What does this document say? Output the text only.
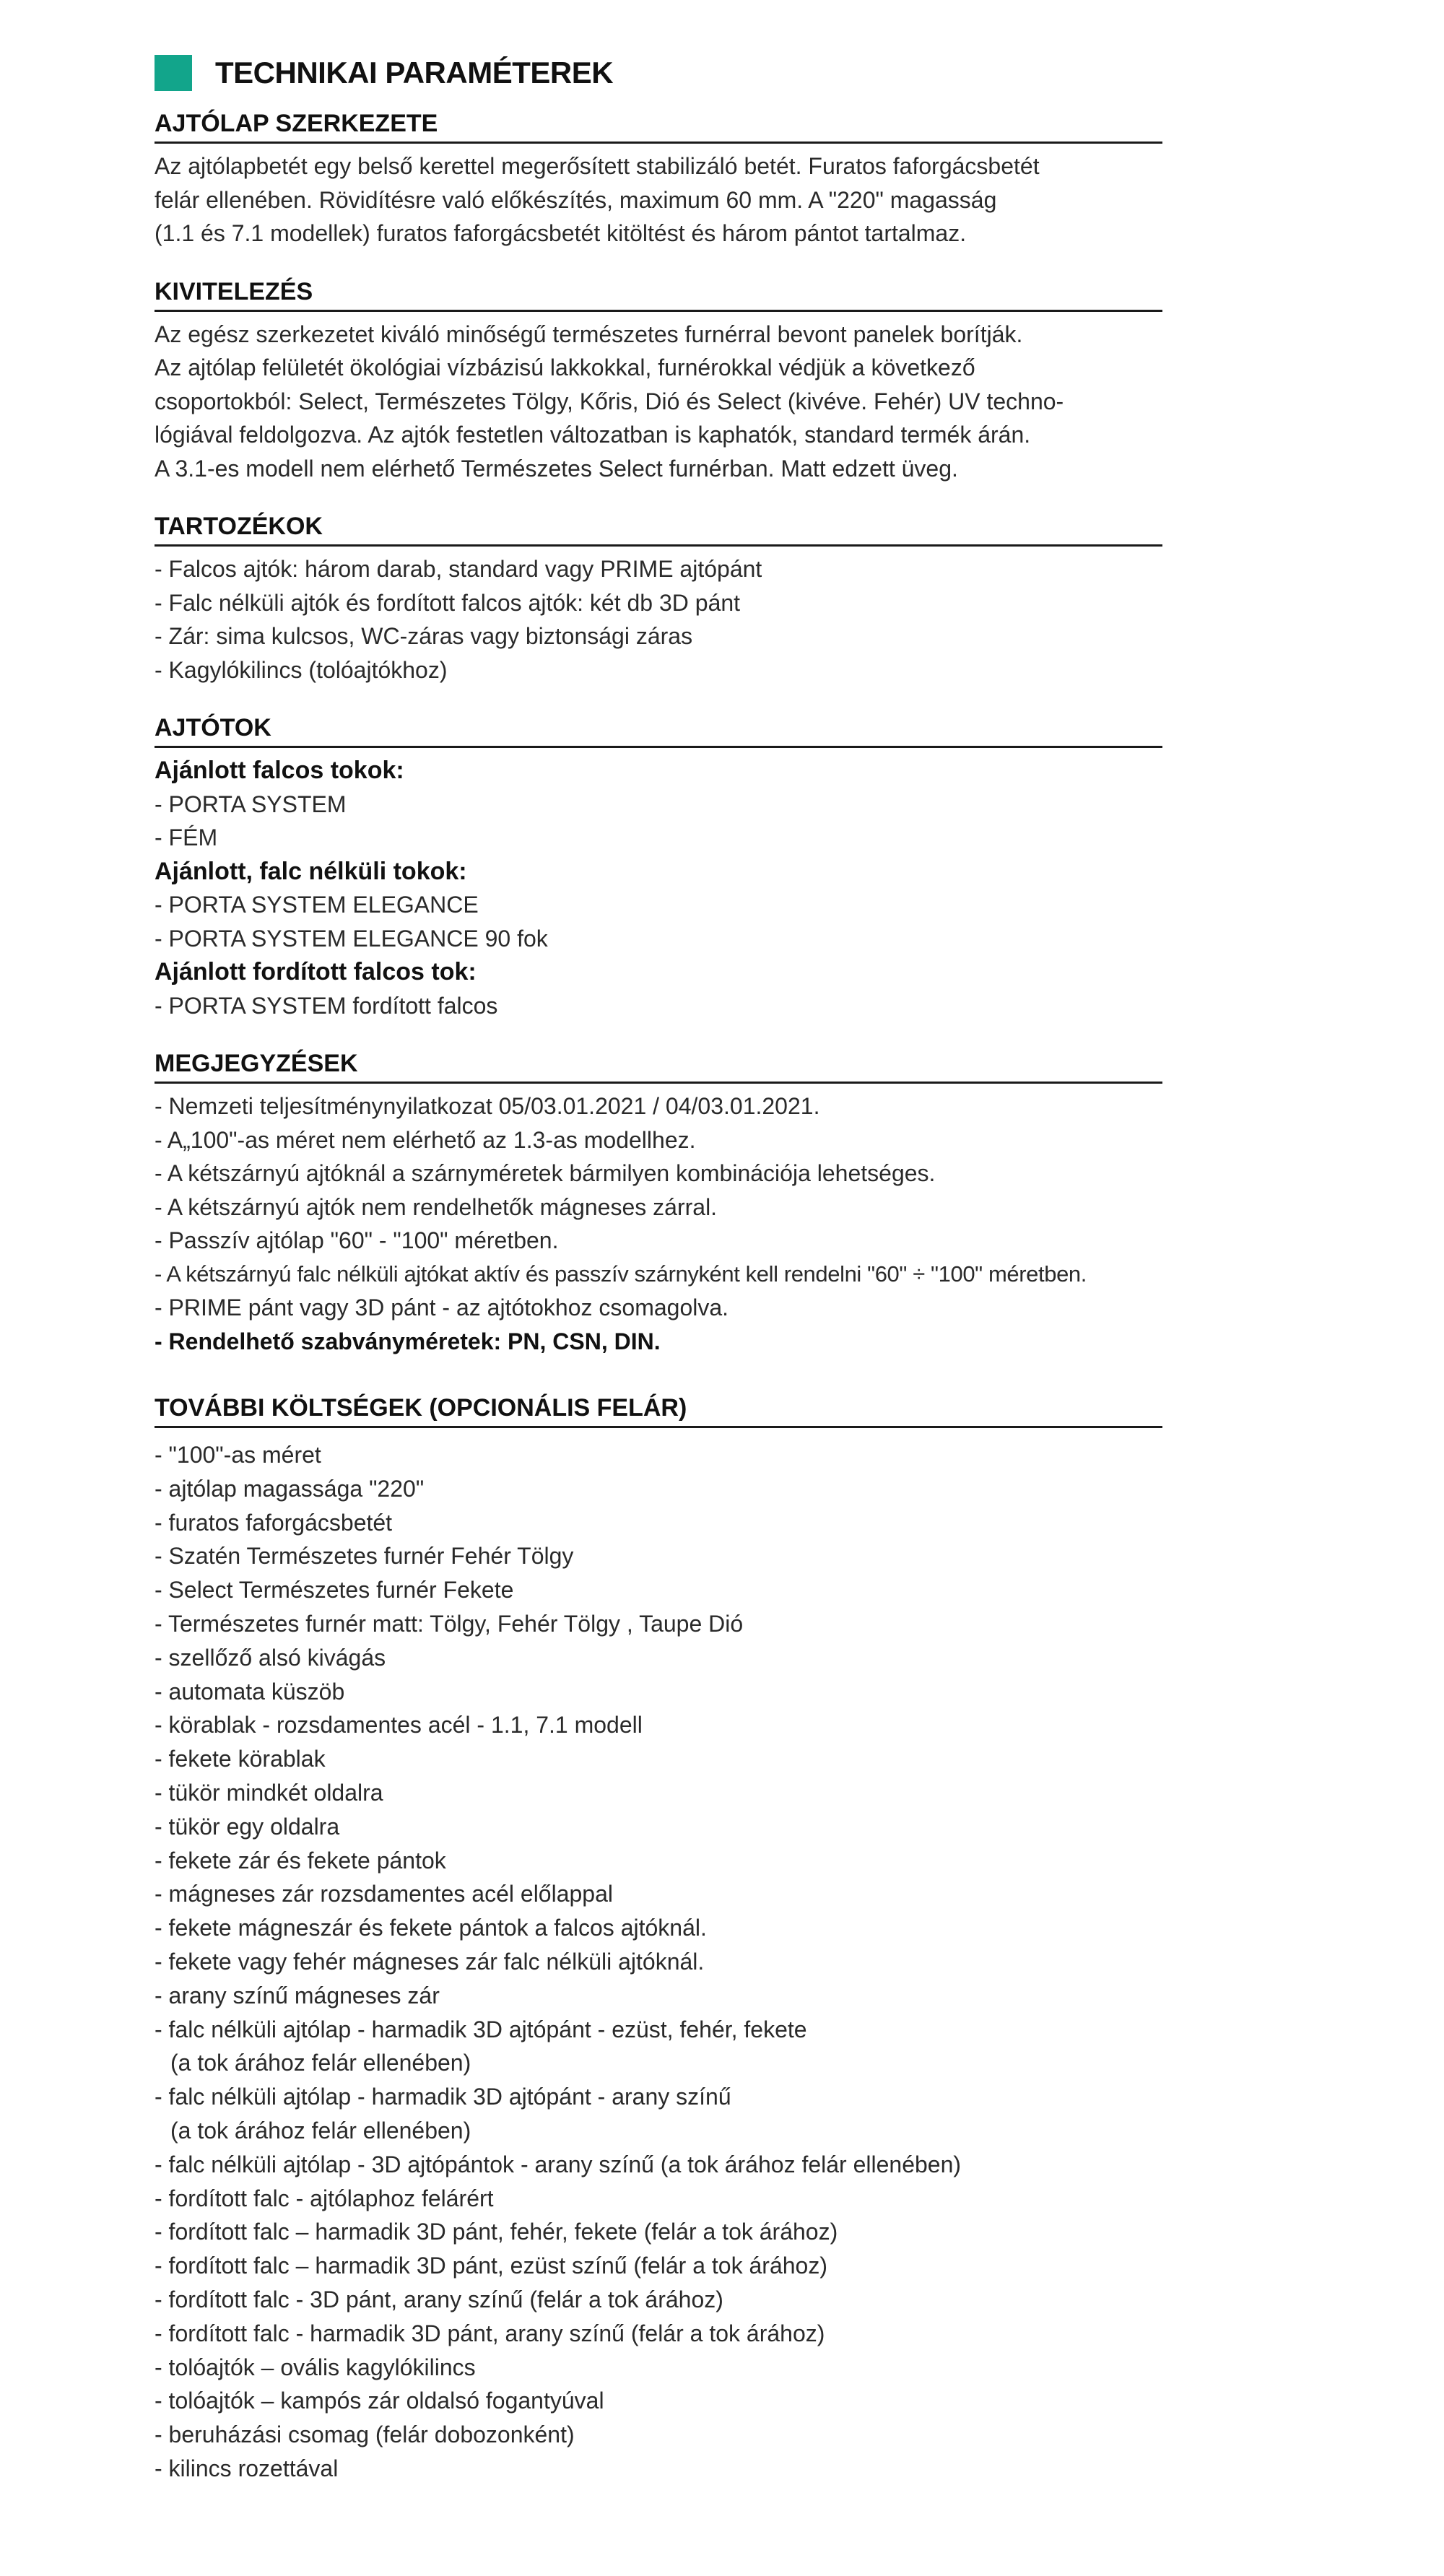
TECHNIKAI PARAMÉTEREK
AJTÓLAP SZERKEZETE
Az ajtólapbetét egy belső kerettel megerősített stabilizáló betét. Furatos faforgácsbetét
felár ellenében. Rövidítésre való előkészítés, maximum 60 mm. A "220" magasság
(1.1 és 7.1 modellek) furatos faforgácsbetét kitöltést és három pántot tartalmaz.
KIVITELEZÉS
Az egész szerkezetet kiváló minőségű természetes furnérral bevont panelek borítják.
Az ajtólap felületét ökológiai vízbázisú lakkokkal, furnérokkal védjük a következő
csoportokból: Select, Természetes Tölgy, Kőris, Dió és Select (kivéve. Fehér) UV techno-
lógiával feldolgozva. Az ajtók festetlen változatban is kaphatók, standard termék árán.
A 3.1-es modell nem elérhető Természetes Select furnérban. Matt edzett üveg.
TARTOZÉKOK
- Falcos ajtók: három darab, standard vagy PRIME ajtópánt
- Falc nélküli ajtók és fordított falcos ajtók: két db 3D pánt
- Zár: sima kulcsos, WC-záras vagy biztonsági záras
- Kagylókilincs (tolóajtókhoz)
AJTÓTOK
Ajánlott falcos tokok:
- PORTA SYSTEM
- FÉM
Ajánlott, falc nélküli tokok:
- PORTA SYSTEM ELEGANCE
- PORTA SYSTEM ELEGANCE 90 fok
Ajánlott fordított falcos tok:
- PORTA SYSTEM fordított falcos
MEGJEGYZÉSEK
- Nemzeti teljesítménynyilatkozat 05/03.01.2021 / 04/03.01.2021.
- A„100"-as méret nem elérhető az 1.3-as modellhez.
- A kétszárnyú ajtóknál a szárnyméretek bármilyen kombinációja lehetséges.
- A kétszárnyú ajtók nem rendelhetők mágneses zárral.
- Passzív ajtólap "60" - "100" méretben.
- A kétszárnyú falc nélküli ajtókat aktív és passzív szárnyként kell rendelni "60" ÷ "100" méretben.
- PRIME pánt vagy 3D pánt - az ajtótokhoz csomagolva.
- Rendelhető szabványméretek: PN, CSN, DIN.
TOVÁBBI KÖLTSÉGEK (OPCIONÁLIS FELÁR)
- "100"-as méret
- ajtólap magassága "220"
- furatos faforgácsbetét
- Szatén Természetes furnér Fehér Tölgy
- Select Természetes furnér Fekete
- Természetes furnér matt: Tölgy, Fehér Tölgy , Taupe Dió
- szellőző alsó kivágás
- automata küszöb
- körablak - rozsdamentes acél - 1.1, 7.1 modell
- fekete körablak
- tükör mindkét oldalra
- tükör egy oldalra
- fekete zár és fekete pántok
- mágneses zár rozsdamentes acél előlappal
- fekete mágneszár és fekete pántok a falcos ajtóknál.
- fekete vagy fehér mágneses zár falc nélküli ajtóknál.
- arany színű mágneses zár
- falc nélküli ajtólap - harmadik 3D ajtópánt - ezüst, fehér, fekete
(a tok árához felár ellenében)
- falc nélküli ajtólap - harmadik 3D ajtópánt - arany színű
(a tok árához felár ellenében)
- falc nélküli ajtólap - 3D ajtópántok - arany színű (a tok árához felár ellenében)
- fordított falc - ajtólaphoz felárért
- fordított falc – harmadik 3D pánt, fehér, fekete (felár a tok árához)
- fordított falc – harmadik 3D pánt, ezüst színű (felár a tok árához)
- fordított falc - 3D pánt, arany színű (felár a tok árához)
- fordított falc - harmadik 3D pánt, arany színű (felár a tok árához)
- tolóajtók – ovális kagylókilincs
- tolóajtók – kampós zár oldalsó fogantyúval
- beruházási csomag (felár dobozonként)
- kilincs rozettával
